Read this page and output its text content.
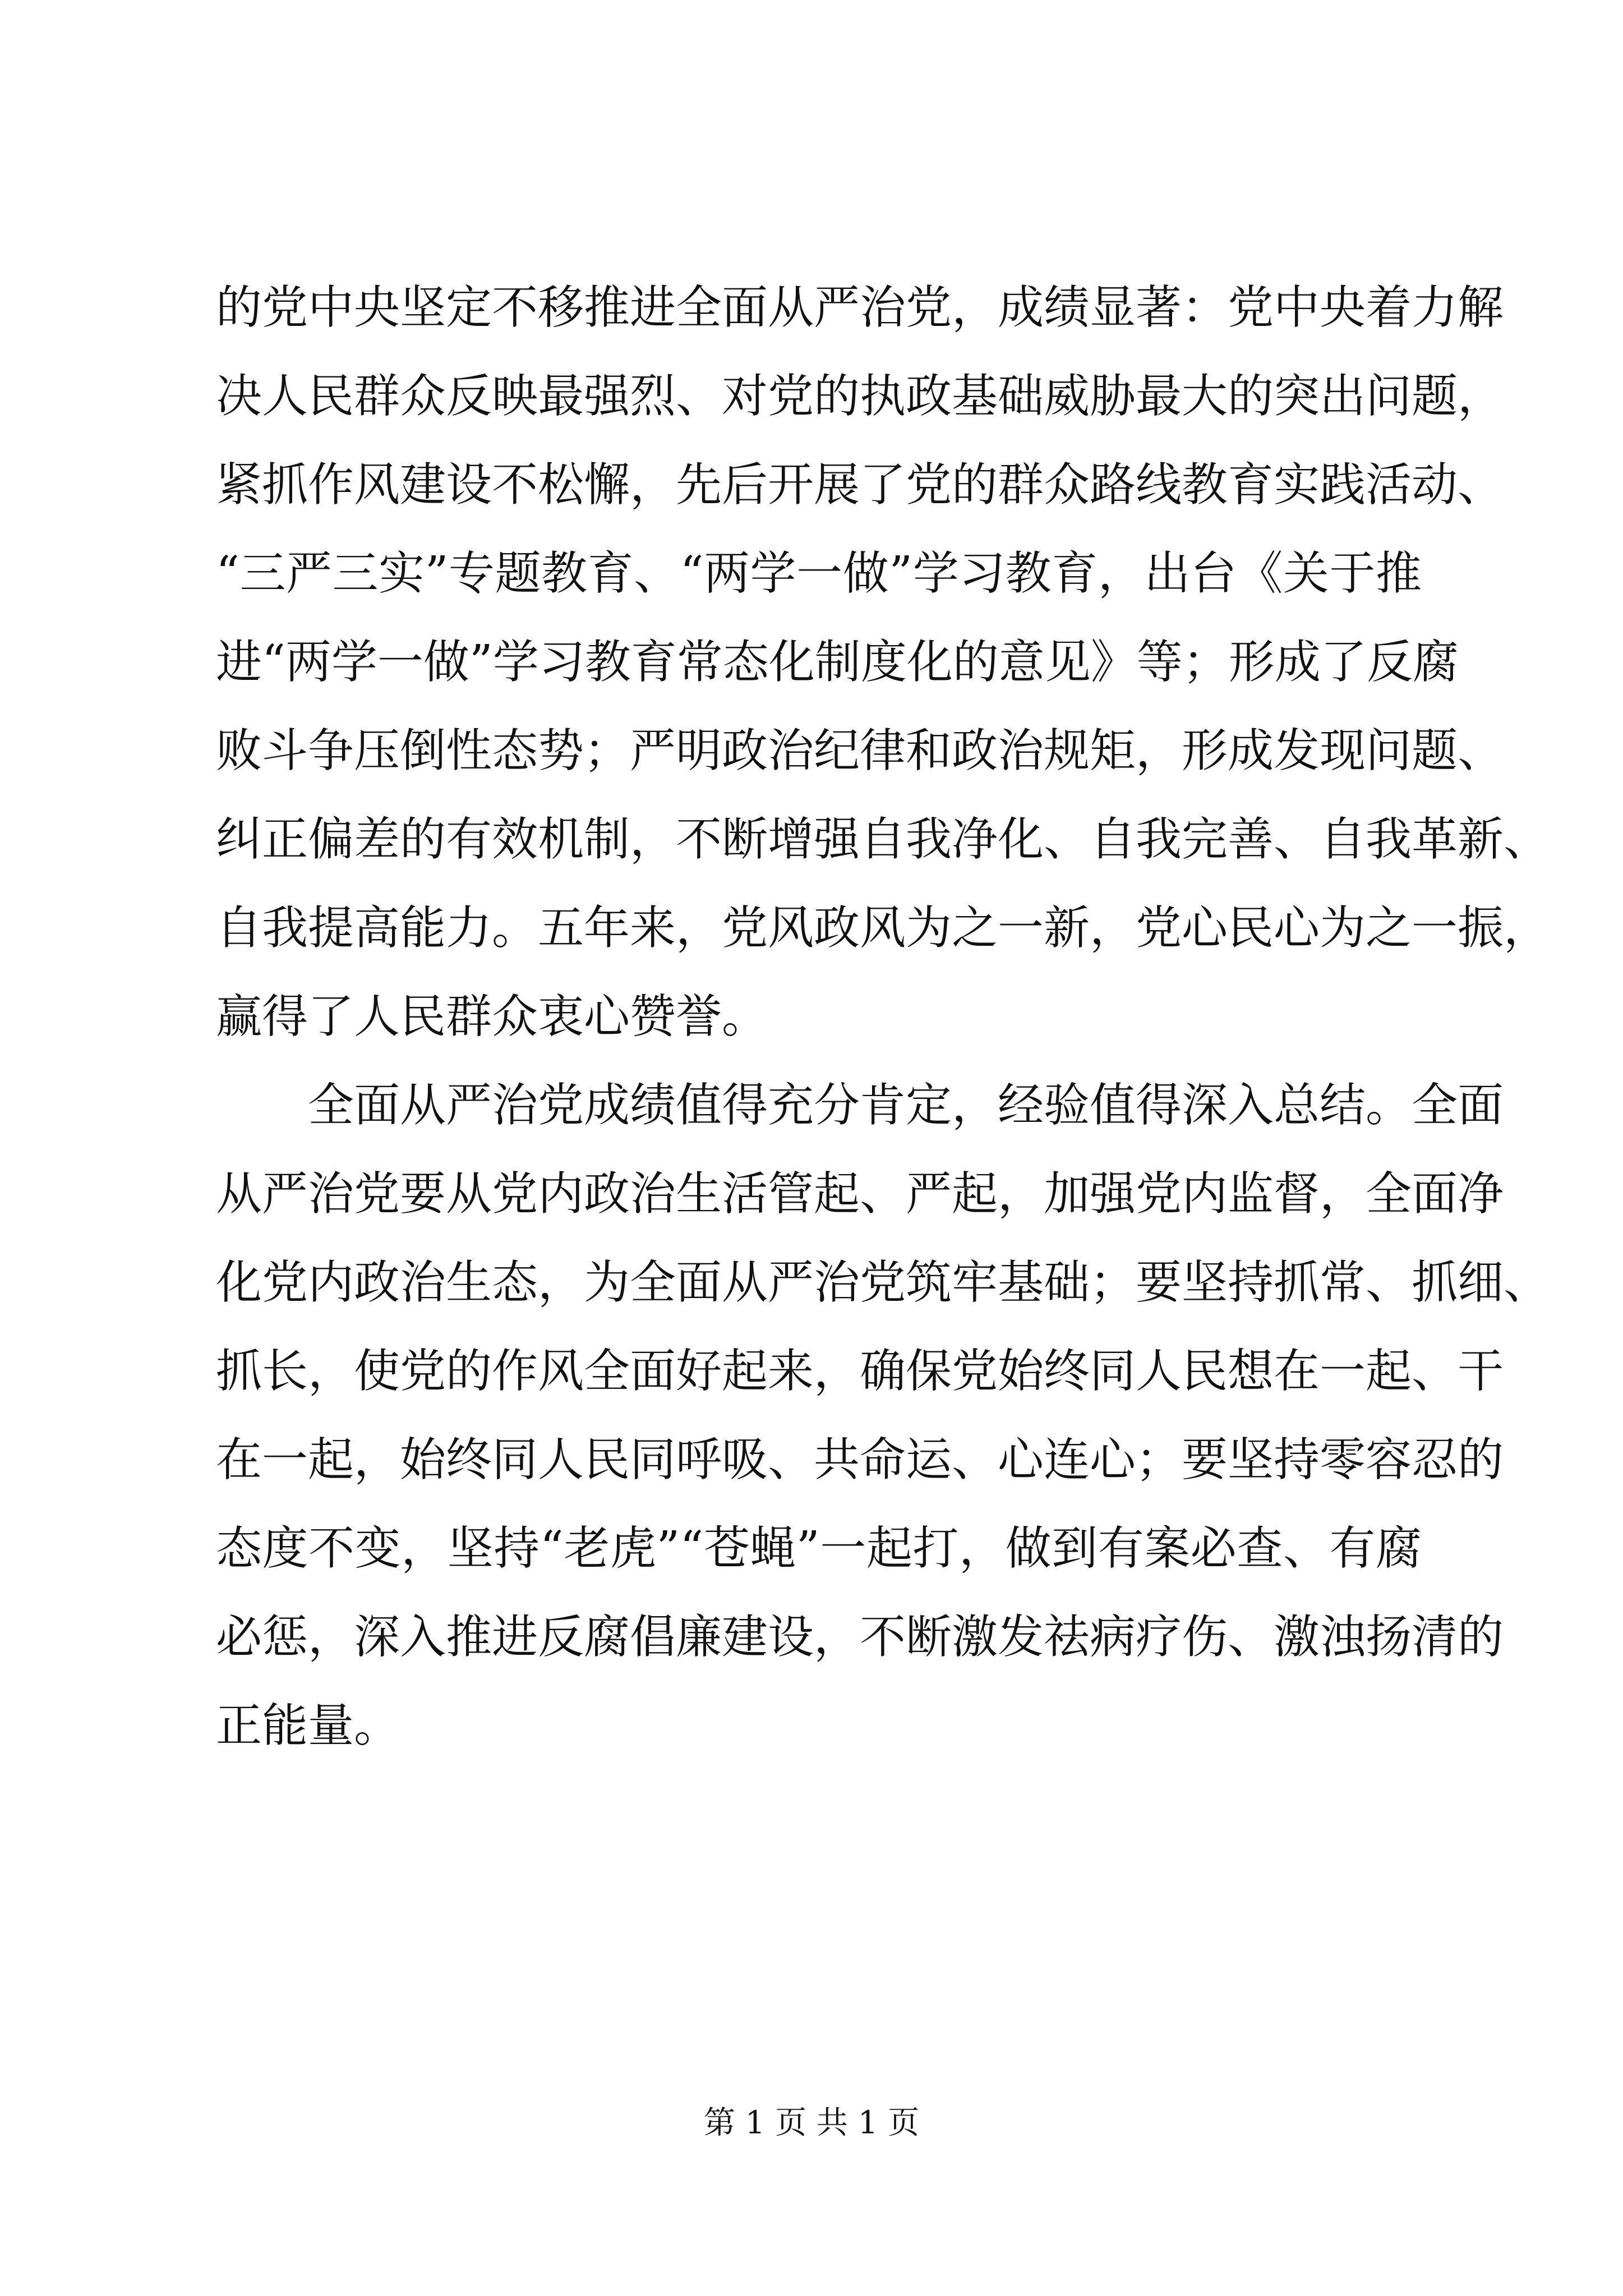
的党中央坚定不移推进全面从严治党，成绩显著：党中央着力解
决人民群众反映最强烈、对党的执政基础威胁最大的突出问题，
紧抓作风建设不松懈，先后开展了党的群众路线教育实践活动、
“三严三实”专题教育、“两学一做”学习教育，出台《关于推
进“两学一做”学习教育常态化制度化的意见》等；形成了反腐
败斗争压倒性态势；严明政治纪律和政治规矩，形成发现问题、
纠正偏差的有效机制，不断增强自我净化、自我完善、自我革新、
自我提高能力。五年来，党风政风为之一新，党心民心为之一振，
赢得了人民群众衷心赞誉。
全面从严治党成绩值得充分肯定，经验值得深入总结。全面
从严治党要从党内政治生活管起、严起，加强党内监督，全面净
化党内政治生态，为全面从严治党筑牢基础；要坚持抓常、抓细、
抓长，使党的作风全面好起来，确保党始终同人民想在一起、干
在一起，始终同人民同呼吸、共命运、心连心；要坚持零容忍的
态度不变，坚持“老虎”“苍蝇”一起打，做到有案必查、有腐
必惩，深入推进反腐倡廉建设，不断激发祛病疗伤、激浊扬清的
正能量。
第 1 页 共 1 页
